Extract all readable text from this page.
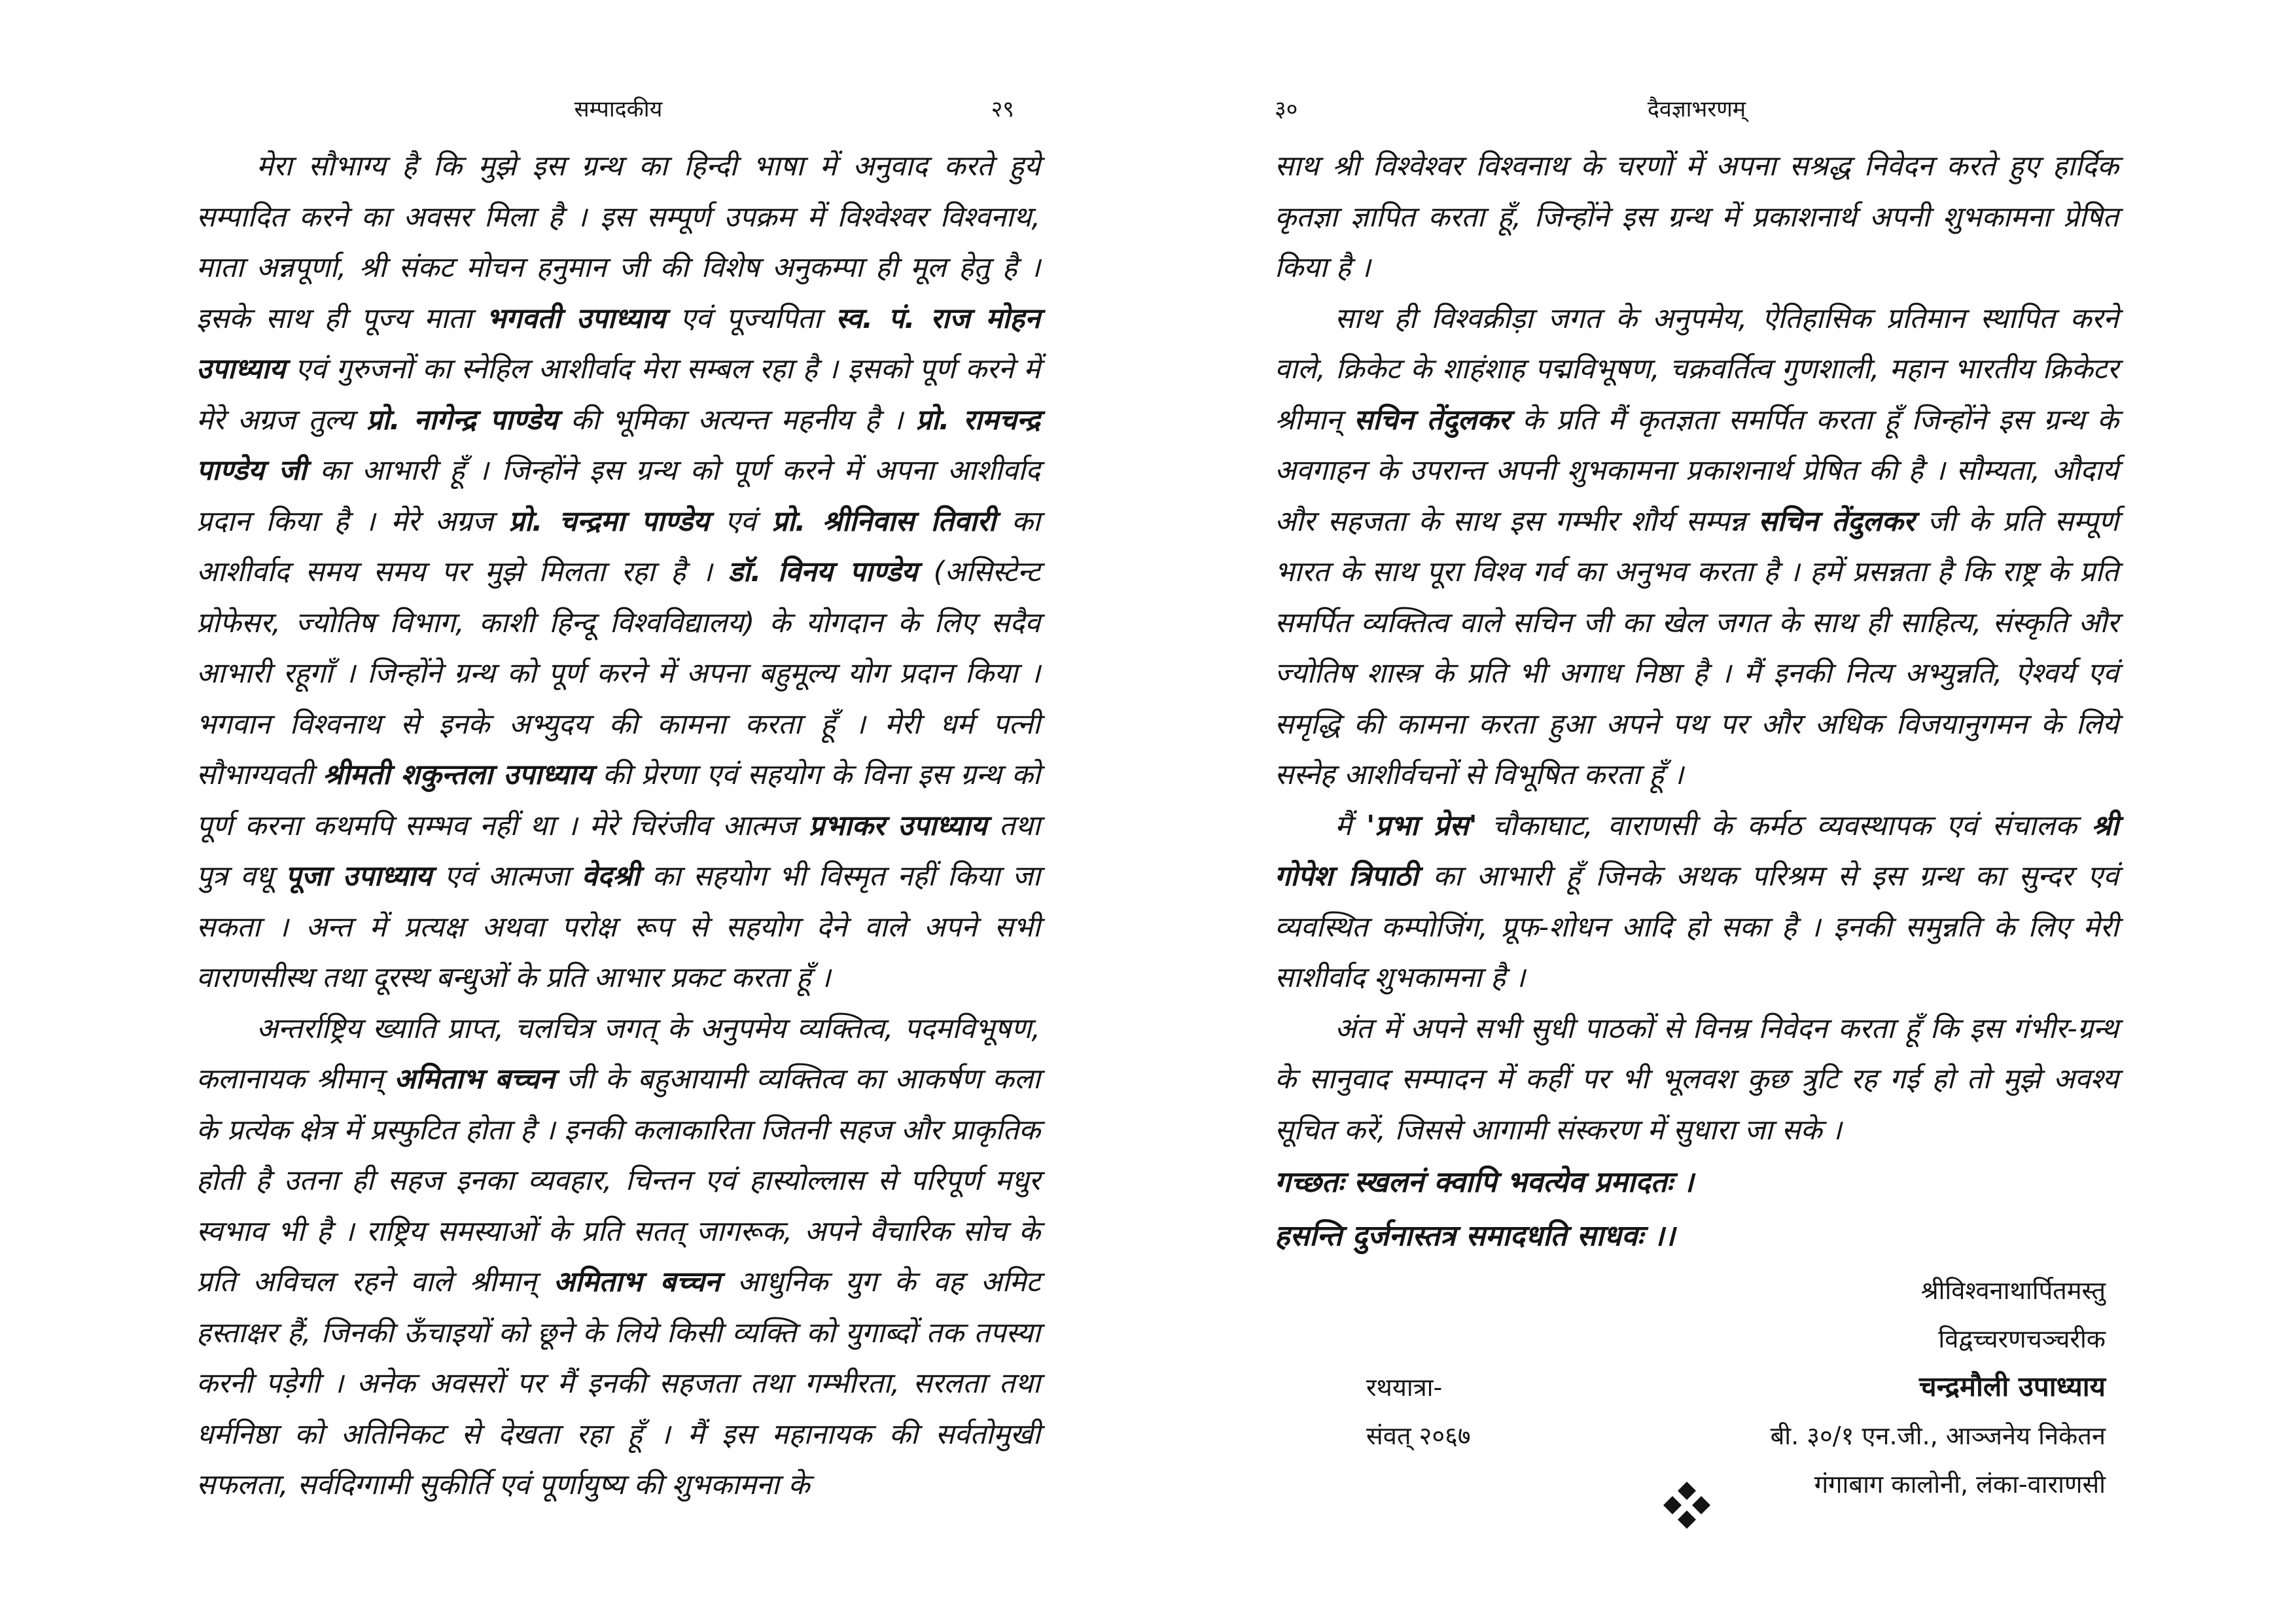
सम्पादकीय	२९

मेरा सौभाग्य है कि मुझे इस ग्रन्थ का हिन्दी भाषा में अनुवाद करते हुये सम्पादित करने का अवसर मिला है । इस सम्पूर्ण उपक्रम में विश्वेश्वर विश्वनाथ, माता अन्नपूर्णा, श्री संकट मोचन हनुमान जी की विशेष अनुकम्पा ही मूल हेतु है । इसके साथ ही पूज्य माता भगवती उपाध्याय एवं पूज्यपिता स्व. पं. राज मोहन उपाध्याय एवं गुरुजनों का स्नेहिल आशीर्वाद मेरा सम्बल रहा है । इसको पूर्ण करने में मेरे अग्रज तुल्य प्रो. नागेन्द्र पाण्डेय की भूमिका अत्यन्त महनीय है । प्रो. रामचन्द्र पाण्डेय जी का आभारी हूँ । जिन्होंने इस ग्रन्थ को पूर्ण करने में अपना आशीर्वाद प्रदान किया है । मेरे अग्रज प्रो. चन्द्रमा पाण्डेय एवं प्रो. श्रीनिवास तिवारी का आशीर्वाद समय समय पर मुझे मिलता रहा है । डॉ. विनय पाण्डेय (असिस्टेन्ट प्रोफेसर, ज्योतिष विभाग, काशी हिन्दू विश्वविद्यालय) के योगदान के लिए सदैव आभारी रहूगाँ । जिन्होंने ग्रन्थ को पूर्ण करने में अपना बहुमूल्य योग प्रदान किया । भगवान विश्वनाथ से इनके अभ्युदय की कामना करता हूँ । मेरी धर्म पत्नी सौभाग्यवती श्रीमती शकुन्तला उपाध्याय की प्रेरणा एवं सहयोग के विना इस ग्रन्थ को पूर्ण करना कथमपि सम्भव नहीं था । मेरे चिरंजीव आत्मज प्रभाकर उपाध्याय तथा पुत्र वधू पूजा उपाध्याय एवं आत्मजा वेदश्री का सहयोग भी विस्मृत नहीं किया जा सकता । अन्त में प्रत्यक्ष अथवा परोक्ष रूप से सहयोग देने वाले अपने सभी वाराणसीस्थ तथा दूरस्थ बन्धुओं के प्रति आभार प्रकट करता हूँ ।

अन्तर्राष्ट्रिय ख्याति प्राप्त, चलचित्र जगत् के अनुपमेय व्यक्तित्व, पदमविभूषण, कलानायक श्रीमान् अमिताभ बच्चन जी के बहुआयामी व्यक्तित्व का आकर्षण कला के प्रत्येक क्षेत्र में प्रस्फुटित होता है । इनकी कलाकारिता जितनी सहज और प्राकृतिक होती है उतना ही सहज इनका व्यवहार, चिन्तन एवं हास्योल्लास से परिपूर्ण मधुर स्वभाव भी है । राष्ट्रिय समस्याओं के प्रति सतत् जागरूक, अपने वैचारिक सोच के प्रति अविचल रहने वाले श्रीमान् अमिताभ बच्चन आधुनिक युग के वह अमिट हस्ताक्षर हैं, जिनकी ऊँचाइयों को छूने के लिये किसी व्यक्ति को युगाब्दों तक तपस्या करनी पड़ेगी । अनेक अवसरों पर मैं इनकी सहजता तथा गम्भीरता, सरलता तथा धर्मनिष्ठा को अतिनिकट से देखता रहा हूँ । मैं इस महानायक की सर्वतोमुखी सफलता, सर्वदिग्गामी सुकीर्ति एवं पूर्णायुष्य की शुभकामना के

३०	दैवज्ञाभरणम्

साथ श्री विश्वेश्वर विश्वनाथ के चरणों में अपना सश्रद्ध निवेदन करते हुए हार्दिक कृतज्ञा ज्ञापित करता हूँ, जिन्होंने इस ग्रन्थ में प्रकाशनार्थ अपनी शुभकामना प्रेषित किया है ।

साथ ही विश्वक्रीड़ा जगत के अनुपमेय, ऐतिहासिक प्रतिमान स्थापित करने वाले, क्रिकेट के शाहंशाह पद्मविभूषण, चक्रवर्तित्व गुणशाली, महान भारतीय क्रिकेटर श्रीमान् सचिन तेंदुलकर के प्रति मैं कृतज्ञता समर्पित करता हूँ जिन्होंने इस ग्रन्थ के अवगाहन के उपरान्त अपनी शुभकामना प्रकाशनार्थ प्रेषित की है । सौम्यता, औदार्य और सहजता के साथ इस गम्भीर शौर्य सम्पन्न सचिन तेंदुलकर जी के प्रति सम्पूर्ण भारत के साथ पूरा विश्व गर्व का अनुभव करता है । हमें प्रसन्नता है कि राष्ट्र के प्रति समर्पित व्यक्तित्व वाले सचिन जी का खेल जगत के साथ ही साहित्य, संस्कृति और ज्योतिष शास्त्र के प्रति भी अगाध निष्ठा है । मैं इनकी नित्य अभ्युन्नति, ऐश्वर्य एवं समृद्धि की कामना करता हुआ अपने पथ पर और अधिक विजयानुगमन के लिये सस्नेह आशीर्वचनों से विभूषित करता हूँ ।

मैं 'प्रभा प्रेस' चौकाघाट, वाराणसी के कर्मठ व्यवस्थापक एवं संचालक श्री गोपेश त्रिपाठी का आभारी हूँ जिनके अथक परिश्रम से इस ग्रन्थ का सुन्दर एवं व्यवस्थित कम्पोजिंग, प्रूफ-शोधन आदि हो सका है । इनकी समुन्नति के लिए मेरी साशीर्वाद शुभकामना है ।

अंत में अपने सभी सुधी पाठकों से विनम्र निवेदन करता हूँ कि इस गंभीर-ग्रन्थ के सानुवाद सम्पादन में कहीं पर भी भूलवश कुछ त्रुटि रह गई हो तो मुझे अवश्य सूचित करें, जिससे आगामी संस्करण में सुधारा जा सके ।

गच्छतः स्खलनं क्वापि भवत्येव प्रमादतः ।

हसन्ति दुर्जनास्तत्र समादधति साधवः ।।

श्रीविश्वनाथार्पितमस्तु
विद्वच्चरणचञ्चरीक
रथयात्रा-	चन्द्रमौली उपाध्याय
संवत् २०६७	बी. ३०/१ एन.जी., आञ्जनेय निकेतन
गंगाबाग कालोनी, लंका-वाराणसी
